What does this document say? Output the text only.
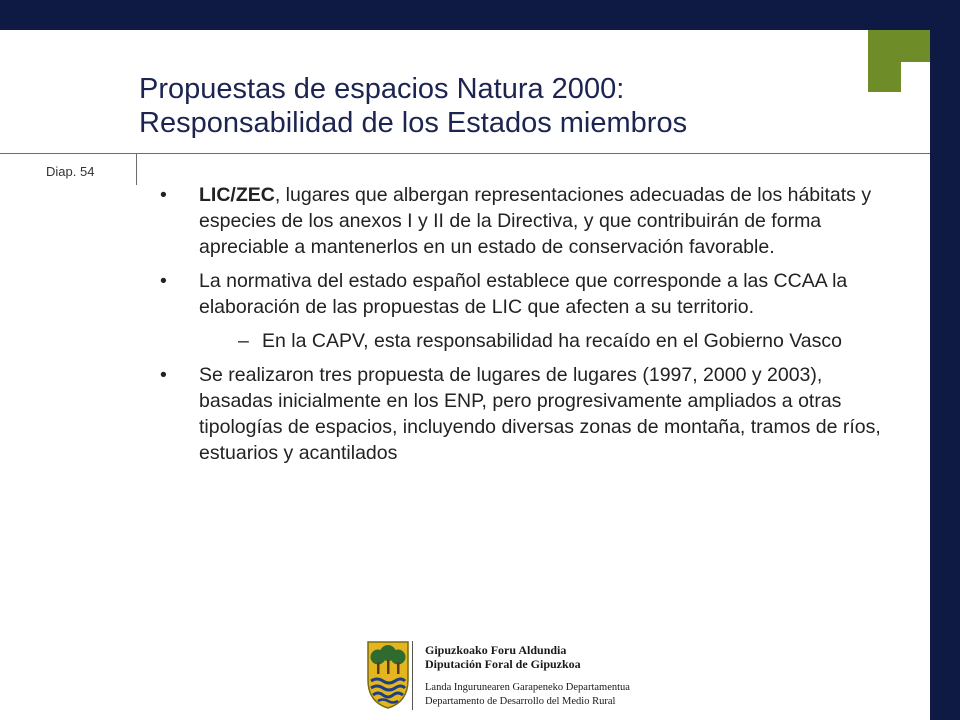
Propuestas de espacios Natura 2000:
Responsabilidad de los Estados miembros
Diap. 54
•	LIC/ZEC, lugares que albergan representaciones adecuadas de los hábitats y especies de los anexos I y II de la Directiva, y que contribuirán de forma apreciable a mantenerlos en un estado de conservación favorable.
•	La normativa del estado español establece que corresponde a las CCAA la elaboración de las propuestas de LIC que afecten a su territorio.
– En la CAPV, esta responsabilidad ha recaído en el Gobierno Vasco
•	Se realizaron tres propuesta de lugares de lugares (1997, 2000 y 2003), basadas inicialmente en los ENP, pero progresivamente ampliados a otras tipologías de espacios, incluyendo diversas zonas de montaña, tramos de ríos, estuarios y acantilados
Gipuzkoako Foru Aldundia
Diputación Foral de Gipuzkoa
Landa Ingurunearen Garapeneko Departamentua
Departamento de Desarrollo del Medio Rural
